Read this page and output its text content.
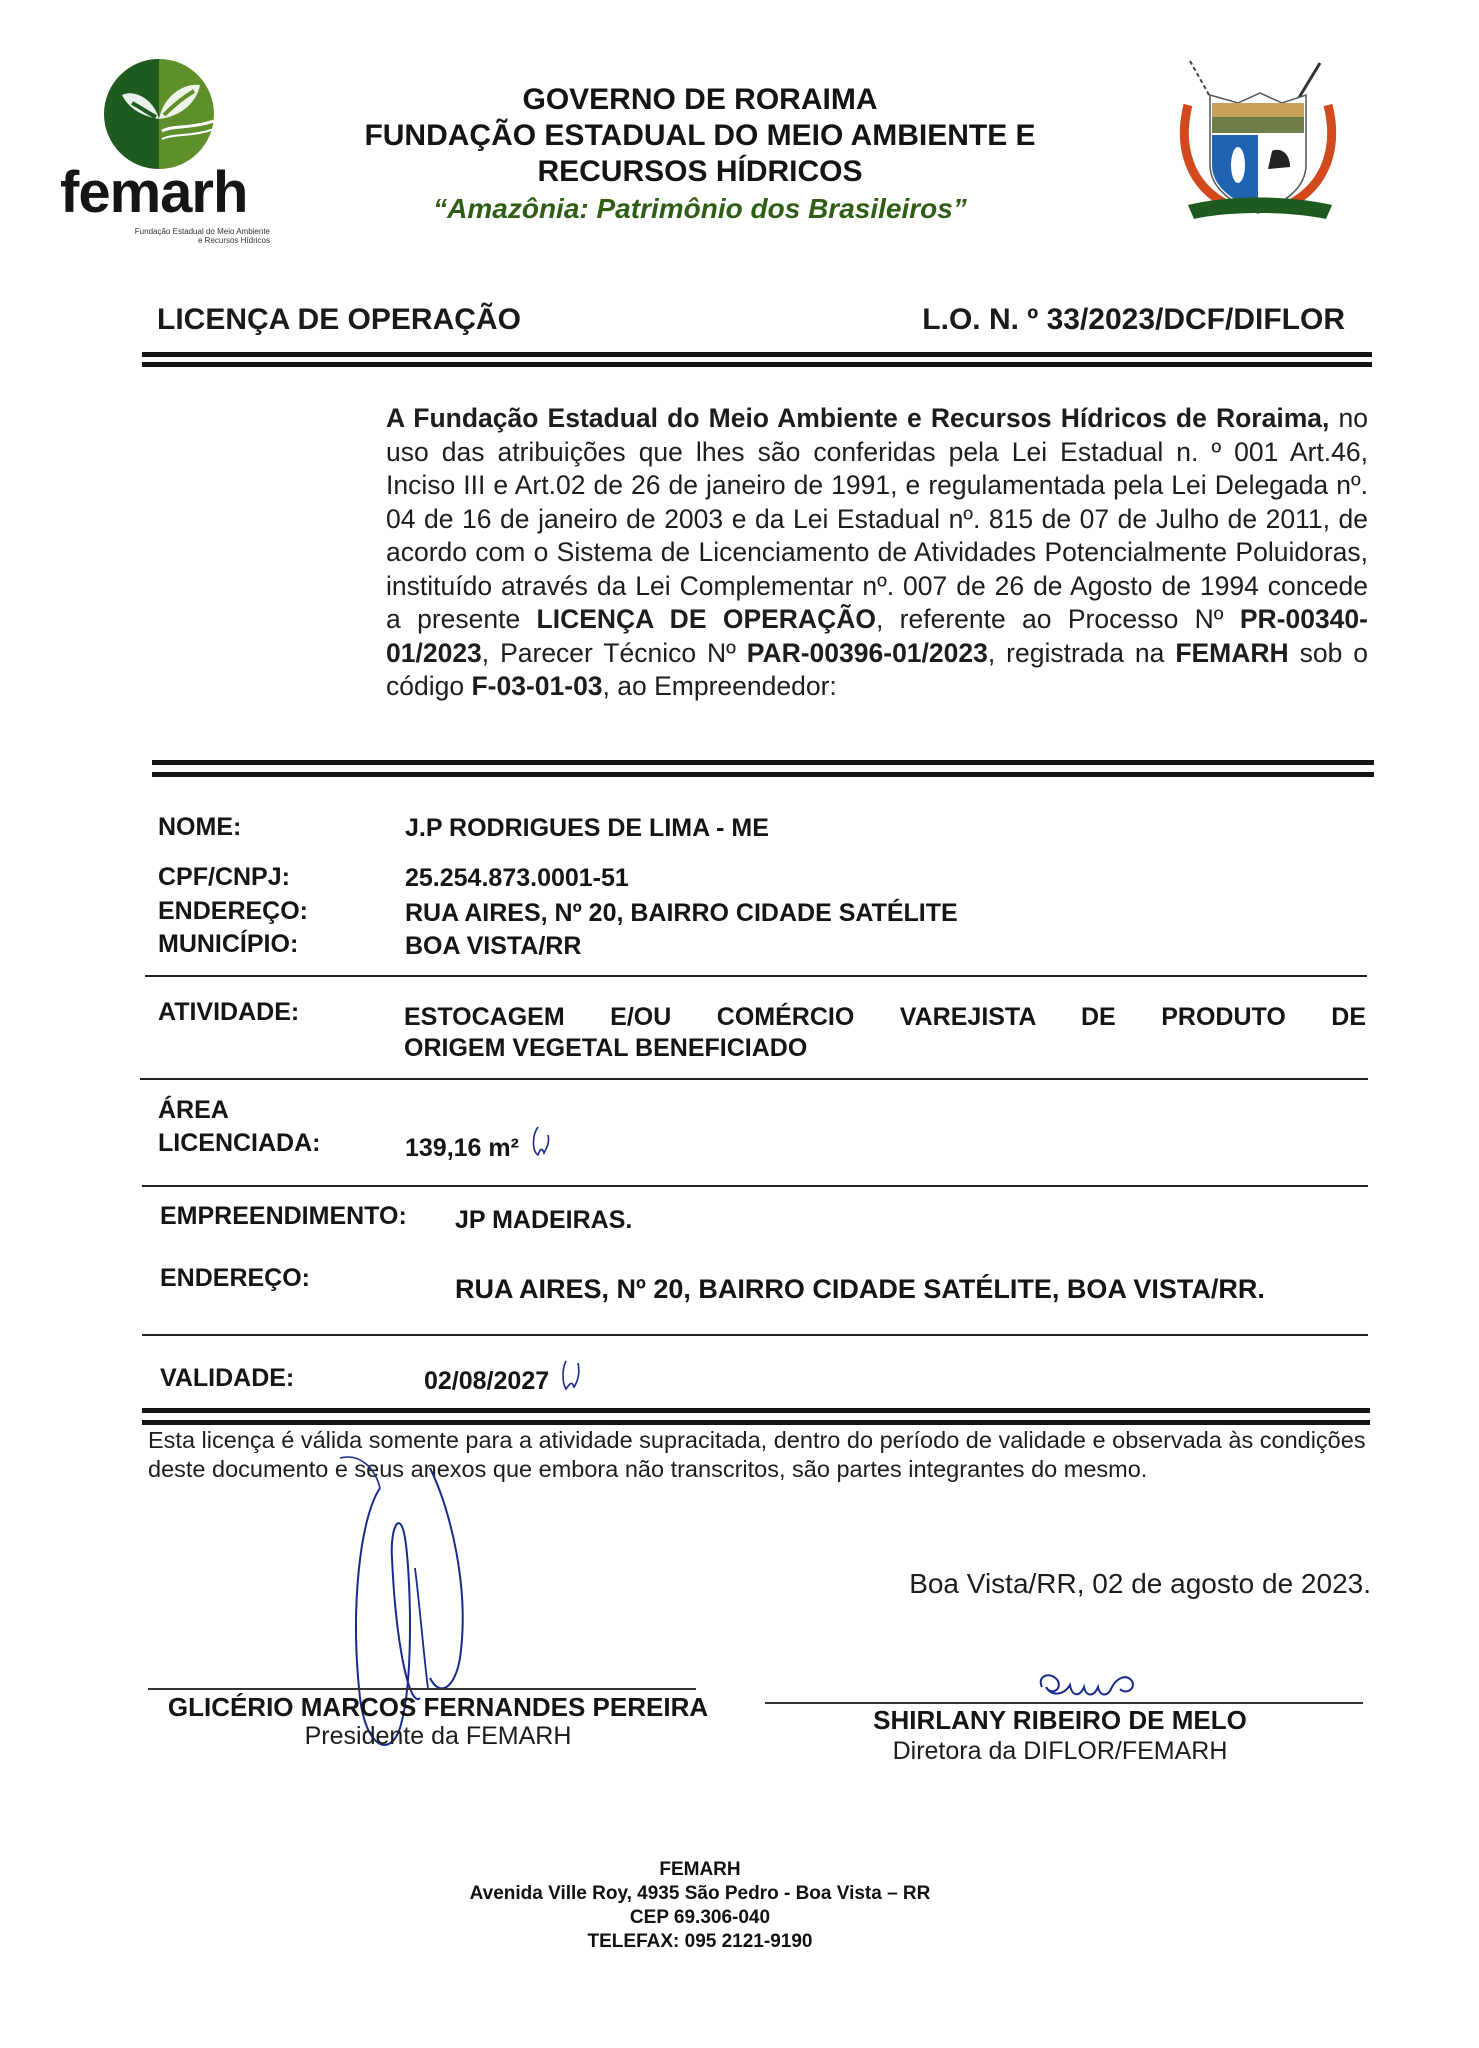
femarh
Fundação Estadual do Meio Ambiente
e Recursos Hídricos
GOVERNO DE RORAIMA
FUNDAÇÃO ESTADUAL DO MEIO AMBIENTE E
RECURSOS HÍDRICOS
“Amazônia: Patrimônio dos Brasileiros”
LICENÇA DE OPERAÇÃO	L.O. N. º 33/2023/DCF/DIFLOR
A Fundação Estadual do Meio Ambiente e Recursos Hídricos de Roraima, no uso das atribuições que lhes são conferidas pela Lei Estadual n. º 001 Art.46, Inciso III e Art.02 de 26 de janeiro de 1991, e regulamentada pela Lei Delegada nº. 04 de 16 de janeiro de 2003 e da Lei Estadual nº. 815 de 07 de Julho de 2011, de acordo com o Sistema de Licenciamento de Atividades Potencialmente Poluidoras, instituído através da Lei Complementar nº. 007 de 26 de Agosto de 1994 concede a presente LICENÇA DE OPERAÇÃO, referente ao Processo Nº PR-00340-01/2023, Parecer Técnico Nº PAR-00396-01/2023, registrada na FEMARH sob o código F-03-01-03, ao Empreendedor:
NOME:	J.P RODRIGUES DE LIMA - ME
CPF/CNPJ:	25.254.873.0001-51
ENDEREÇO:	RUA AIRES, Nº 20, BAIRRO CIDADE SATÉLITE
MUNICÍPIO:	BOA VISTA/RR
ATIVIDADE:	ESTOCAGEM E/OU COMÉRCIO VAREJISTA DE PRODUTO DE
ORIGEM VEGETAL BENEFICIADO
ÁREA
LICENCIADA:	139,16 m²
EMPREENDIMENTO: JP MADEIRAS.
ENDEREÇO:	RUA AIRES, Nº 20, BAIRRO CIDADE SATÉLITE, BOA VISTA/RR.
VALIDADE:	02/08/2027
Esta licença é válida somente para a atividade supracitada, dentro do período de validade e observada às condições deste documento e seus anexos que embora não transcritos, são partes integrantes do mesmo.
Boa Vista/RR, 02 de agosto de 2023.
GLICÉRIO MARCOS FERNANDES PEREIRA
Presidente da FEMARH
SHIRLANY RIBEIRO DE MELO
Diretora da DIFLOR/FEMARH
FEMARH
Avenida Ville Roy, 4935 São Pedro - Boa Vista – RR
CEP 69.306-040
TELEFAX: 095 2121-9190
